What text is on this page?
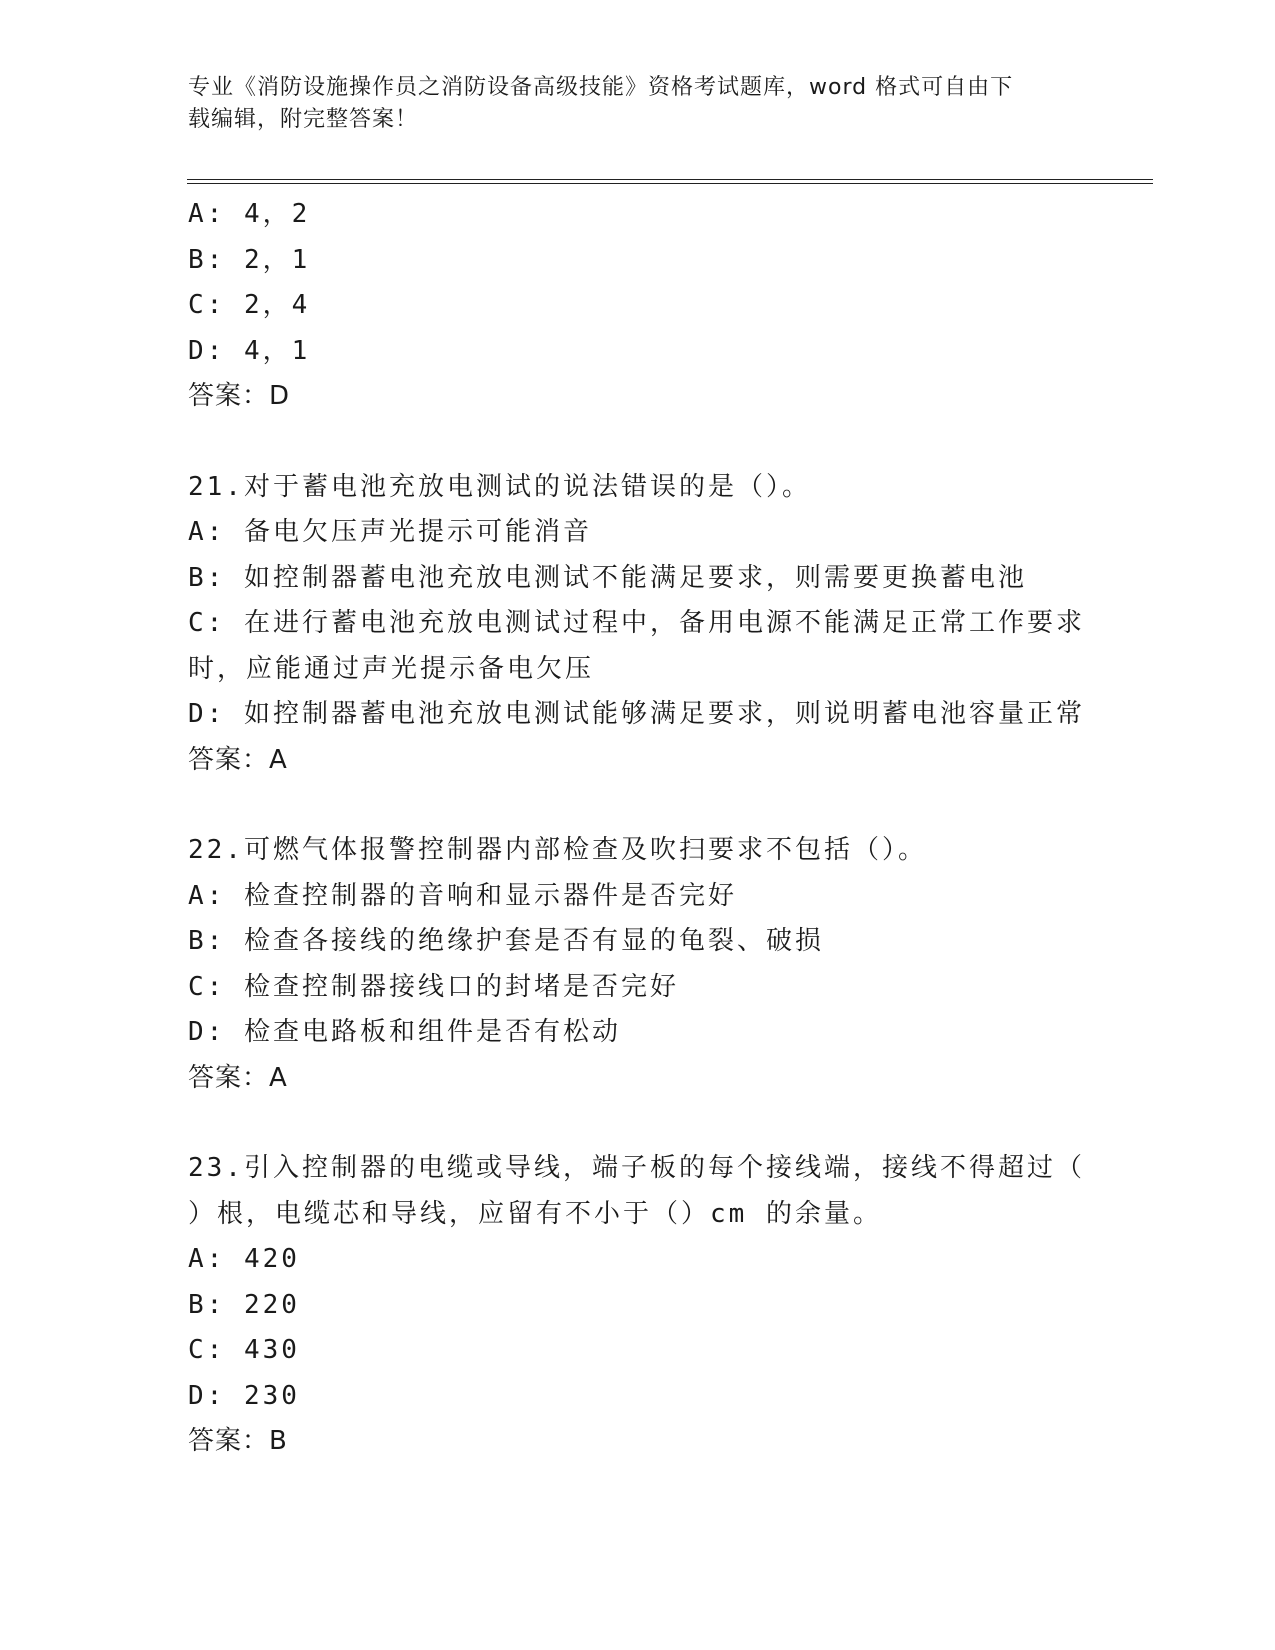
专业《消防设施操作员之消防设备高级技能》资格考试题库，word 格式可自由下
载编辑，附完整答案！
A: 4，2
B: 2，1
C: 2，4
D: 4，1
答案：D
21.对于蓄电池充放电测试的说法错误的是（）。
A: 备电欠压声光提示可能消音
B: 如控制器蓄电池充放电测试不能满足要求，则需要更换蓄电池
C: 在进行蓄电池充放电测试过程中，备用电源不能满足正常工作要求
时，应能通过声光提示备电欠压
D: 如控制器蓄电池充放电测试能够满足要求，则说明蓄电池容量正常
答案：A
22.可燃气体报警控制器内部检查及吹扫要求不包括（）。
A: 检查控制器的音响和显示器件是否完好
B: 检查各接线的绝缘护套是否有显的龟裂、破损
C: 检查控制器接线口的封堵是否完好
D: 检查电路板和组件是否有松动
答案：A
23.引入控制器的电缆或导线，端子板的每个接线端，接线不得超过（
）根，电缆芯和导线，应留有不小于（）cm 的余量。
A: 420
B: 220
C: 430
D: 230
答案：B
